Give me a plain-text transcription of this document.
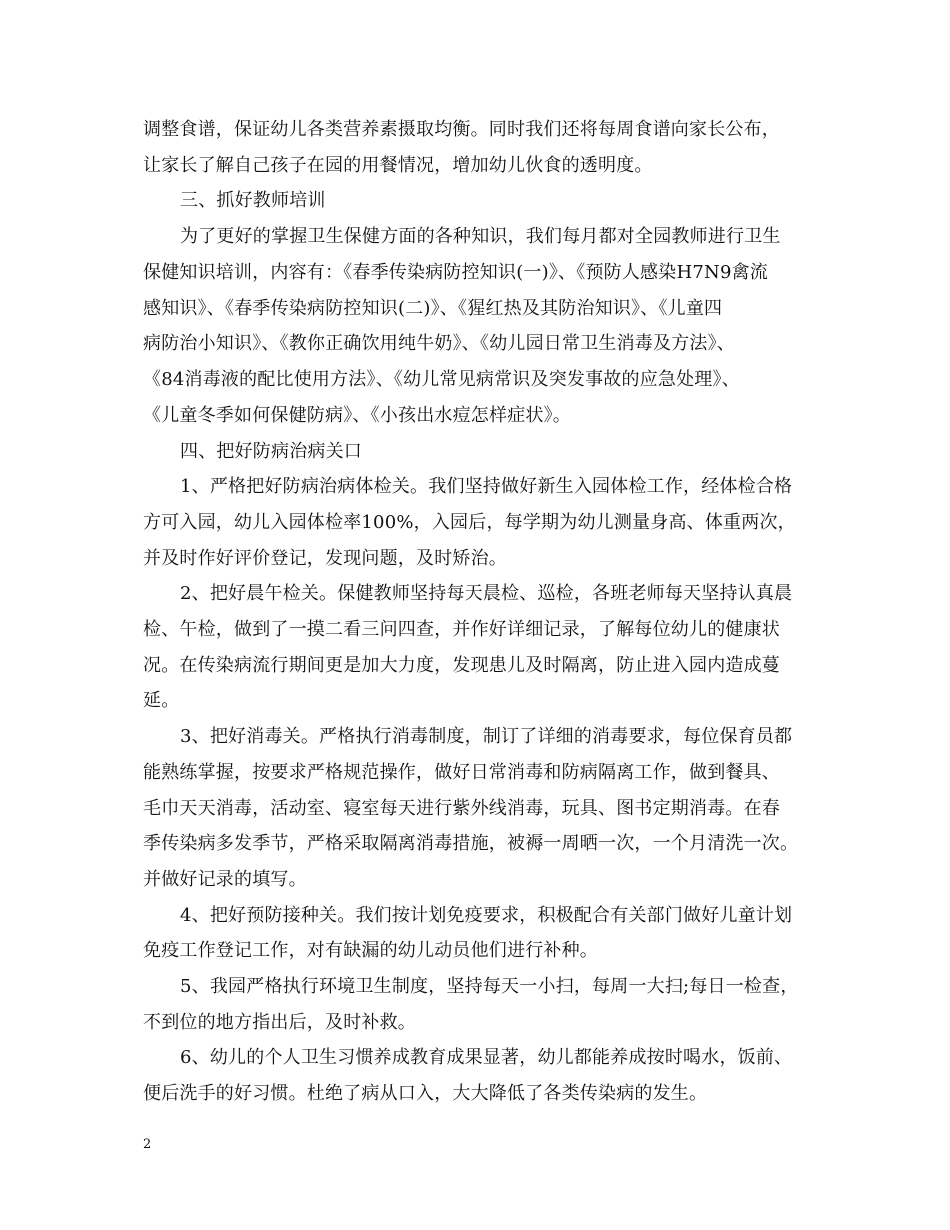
调整食谱，保证幼儿各类营养素摄取均衡。同时我们还将每周食谱向家长公布，
让家长了解自己孩子在园的用餐情况，增加幼儿伙食的透明度。
三、抓好教师培训
为了更好的掌握卫生保健方面的各种知识，我们每月都对全园教师进行卫生
保健知识培训，内容有：《春季传染病防控知识(一)》、《预防人感染H7N9禽流
感知识》、《春季传染病防控知识(二)》、《猩红热及其防治知识》、《儿童四
病防治小知识》、《教你正确饮用纯牛奶》、《幼儿园日常卫生消毒及方法》、
《84消毒液的配比使用方法》、《幼儿常见病常识及突发事故的应急处理》、
《儿童冬季如何保健防病》、《小孩出水痘怎样症状》。
四、把好防病治病关口
1、严格把好防病治病体检关。我们坚持做好新生入园体检工作，经体检合格
方可入园，幼儿入园体检率100%，入园后，每学期为幼儿测量身高、体重两次，
并及时作好评价登记，发现问题，及时矫治。
2、把好晨午检关。保健教师坚持每天晨检、巡检，各班老师每天坚持认真晨
检、午检，做到了一摸二看三问四查，并作好详细记录，了解每位幼儿的健康状
况。在传染病流行期间更是加大力度，发现患儿及时隔离，防止进入园内造成蔓
延。
3、把好消毒关。严格执行消毒制度，制订了详细的消毒要求，每位保育员都
能熟练掌握，按要求严格规范操作，做好日常消毒和防病隔离工作，做到餐具、
毛巾天天消毒，活动室、寝室每天进行紫外线消毒，玩具、图书定期消毒。在春
季传染病多发季节，严格采取隔离消毒措施，被褥一周晒一次，一个月清洗一次。
并做好记录的填写。
4、把好预防接种关。我们按计划免疫要求，积极配合有关部门做好儿童计划
免疫工作登记工作，对有缺漏的幼儿动员他们进行补种。
5、我园严格执行环境卫生制度，坚持每天一小扫，每周一大扫;每日一检查，
不到位的地方指出后，及时补救。
6、幼儿的个人卫生习惯养成教育成果显著，幼儿都能养成按时喝水，饭前、
便后洗手的好习惯。杜绝了病从口入，大大降低了各类传染病的发生。
2
